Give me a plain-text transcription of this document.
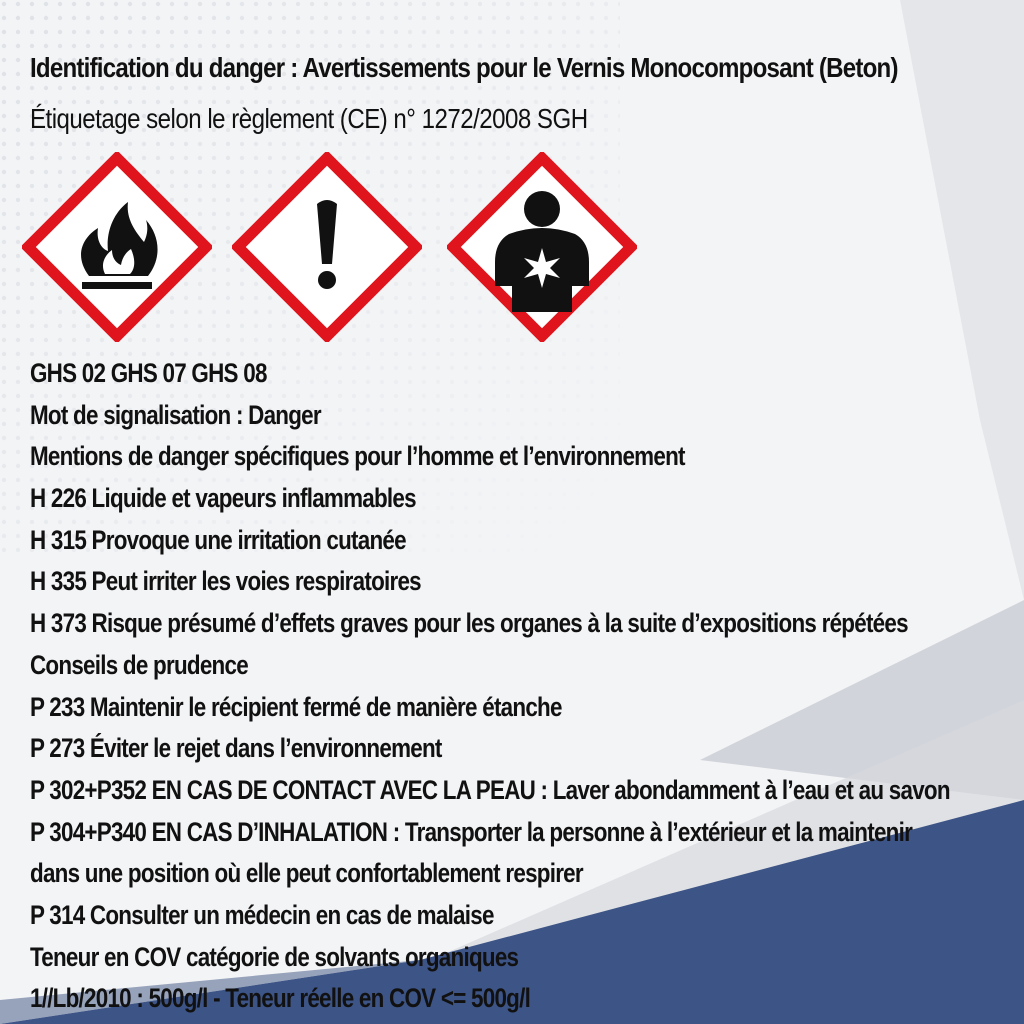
Identification du danger : Avertissements pour le Vernis Monocomposant (Beton)
Étiquetage selon le règlement (CE) n° 1272/2008 SGH
GHS 02 GHS 07 GHS 08
Mot de signalisation : Danger
Mentions de danger spécifiques pour l’homme et l’environnement
H 226 Liquide et vapeurs inflammables
H 315 Provoque une irritation cutanée
H 335 Peut irriter les voies respiratoires
H 373 Risque présumé d’effets graves pour les organes à la suite d’expositions répétées
Conseils de prudence
P 233 Maintenir le récipient fermé de manière étanche
P 273 Éviter le rejet dans l’environnement
P 302+P352 EN CAS DE CONTACT AVEC LA PEAU : Laver abondamment à l’eau et au savon
P 304+P340 EN CAS D’INHALATION : Transporter la personne à l’extérieur et la maintenir
dans une position où elle peut confortablement respirer
P 314 Consulter un médecin en cas de malaise
Teneur en COV catégorie de solvants organiques
1//Lb/2010 : 500g/l - Teneur réelle en COV <= 500g/l
